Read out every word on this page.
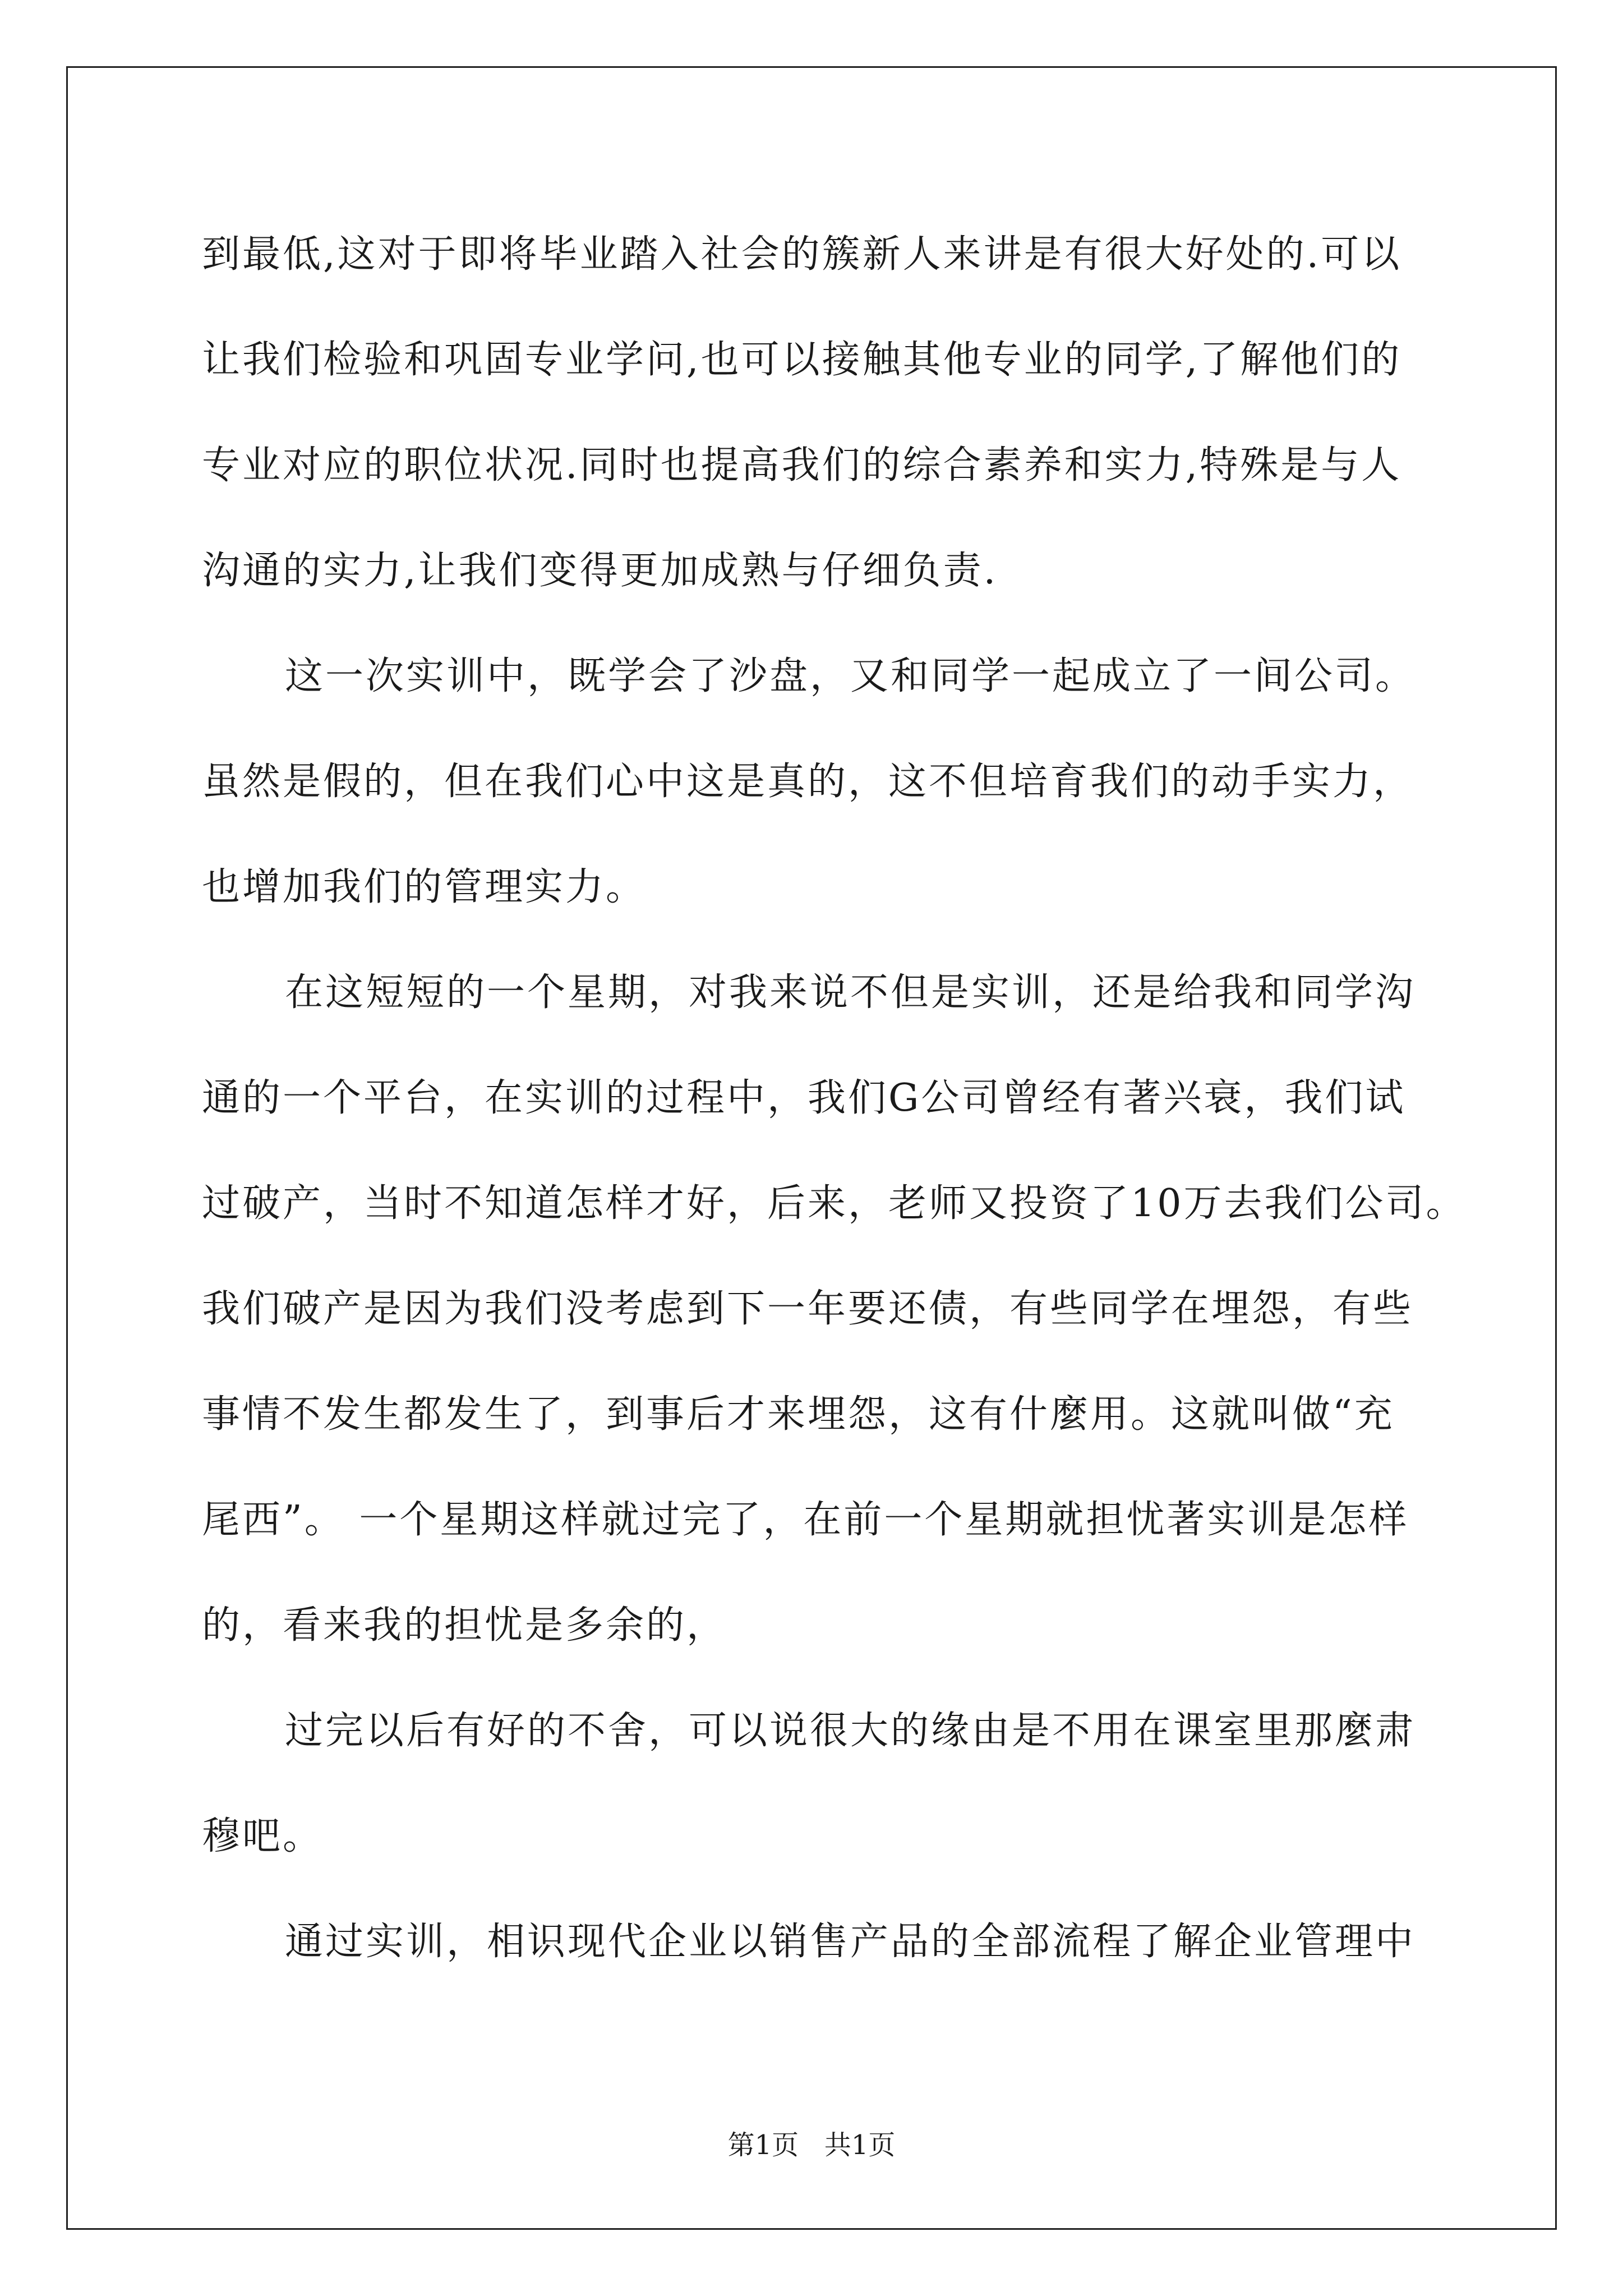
到最低,这对于即将毕业踏入社会的簇新人来讲是有很大好处的.可以
让我们检验和巩固专业学问,也可以接触其他专业的同学,了解他们的
专业对应的职位状况.同时也提高我们的综合素养和实力,特殊是与人
沟通的实力,让我们变得更加成熟与仔细负责.
这一次实训中，既学会了沙盘，又和同学一起成立了一间公司。
虽然是假的，但在我们心中这是真的，这不但培育我们的动手实力，
也增加我们的管理实力。
在这短短的一个星期，对我来说不但是实训，还是给我和同学沟
通的一个平台，在实训的过程中，我们G公司曾经有著兴衰，我们试
过破产，当时不知道怎样才好，后来，老师又投资了10万去我们公司。
我们破产是因为我们没考虑到下一年要还债，有些同学在埋怨，有些
事情不发生都发生了，到事后才来埋怨，这有什麼用。这就叫做“充
尾西”。 一个星期这样就过完了，在前一个星期就担忧著实训是怎样
的，看来我的担忧是多余的，
过完以后有好的不舍，可以说很大的缘由是不用在课室里那麼肃
穆吧。
通过实训，相识现代企业以销售产品的全部流程了解企业管理中
第1页   共1页
